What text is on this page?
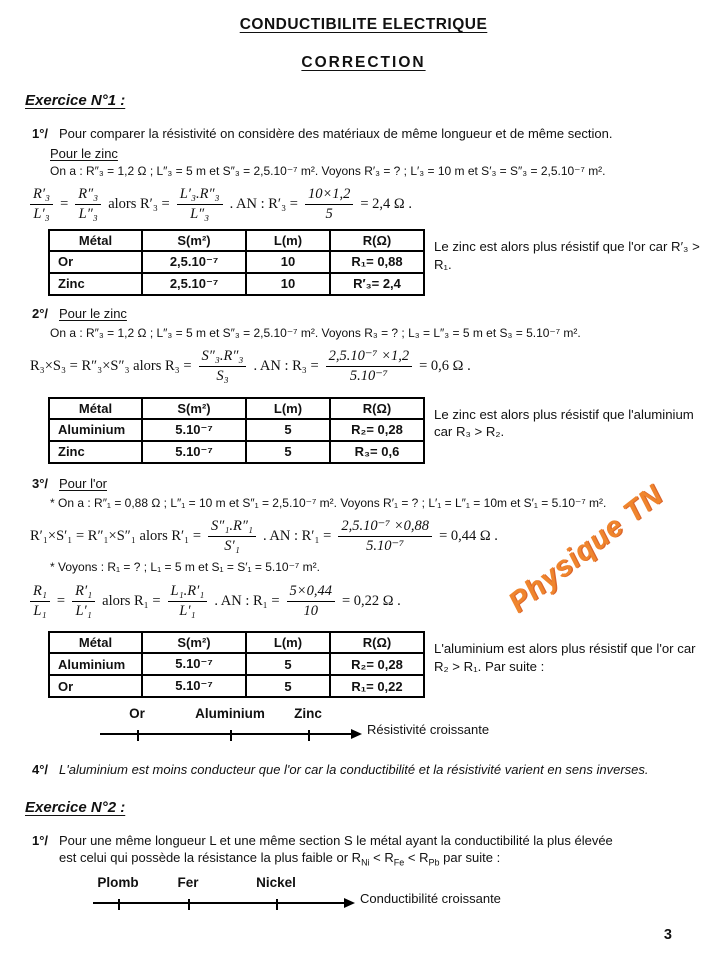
CONDUCTIBILITE ELECTRIQUE
CORRECTION
Exercice N°1 :
1°/ Pour comparer la résistivité on considère des matériaux de même longueur et de même section.
Pour le zinc
On a : R″₃ = 1,2 Ω ; L″₃ = 5 m et S″₃ = 2,5.10⁻⁷ m². Voyons R′₃ = ? ; L′₃ = 10 m et S′₃ = S″₃ = 2,5.10⁻⁷ m².
$\frac{\text{R′₃}}{\text{L′₃}} = \frac{\text{R″₃}}{\text{L″₃}}$ alors $R'_3 = \frac{\text{L′₃.R″₃}}{\text{L″₃}}$ . AN : $R'_3 = \frac{10\times 1,2}{5} = 2,4$ Ω .
Métal	S(m²)	L(m)	R(Ω)
Or	2,5.10⁻⁷	10	R₁= 0,88
Zinc	2,5.10⁻⁷	10	R′₃= 2,4
Le zinc est alors plus résistif que l'or car R′₃ > R₁.
2°/ Pour le zinc
On a : R″₃ = 1,2 Ω ; L″₃ = 5 m et S″₃ = 2,5.10⁻⁷ m². Voyons R₃ = ? ; L₃ = L″₃ = 5 m et S₃ = 5.10⁻⁷ m².
R₃×S₃ = R″₃×S″₃ alors $R_3 = \frac{\text{S″₃.R″₃}}{\text{S₃}}$ . AN : $R_3 = \frac{\text{2,5.10⁻⁷ ×1,2}}{\text{5.10⁻⁷}} = 0,6$ Ω .
Métal	S(m²)	L(m)	R(Ω)
Aluminium	5.10⁻⁷	5	R₂= 0,28
Zinc	5.10⁻⁷	5	R₃= 0,6
Le zinc est alors plus résistif que l'aluminium car R₃ > R₂.
3°/ Pour l'or
* On a : R″₁ = 0,88 Ω ; L″₁ = 10 m et S″₁ = 2,5.10⁻⁷ m². Voyons R′₁ = ? ; L′₁ = L″₁ = 10m et S′₁ = 5.10⁻⁷ m².
R′₁×S′₁ = R″₁×S″₁ alors $R'_1 = \frac{\text{S″₁.R″₁}}{\text{S′₁}}$ . AN : $R'_1 = \frac{\text{2,5.10⁻⁷ ×0,88}}{\text{5.10⁻⁷}} = 0,44$ Ω .
* Voyons : R₁ = ? ; L₁ = 5 m et S₁ = S′₁ = 5.10⁻⁷ m².
$\frac{\text{R₁}}{\text{L₁}} = \frac{\text{R′₁}}{\text{L′₁}}$ alors $R_1 = \frac{\text{L₁.R′₁}}{\text{L′₁}}$ . AN : $R_1 = \frac{5\times 0,44}{10} = 0,22$ Ω .
Métal	S(m²)	L(m)	R(Ω)
Aluminium	5.10⁻⁷	5	R₂= 0,28
Or	5.10⁻⁷	5	R₁= 0,22
L'aluminium est alors plus résistif que l'or car R₂ > R₁. Par suite :
Or	Aluminium Zinc
Résistivité croissante
4°/ L'aluminium est moins conducteur que l'or car la conductibilité et la résistivité varient en sens inverses.
Exercice N°2 :
1°/ Pour une même longueur L et une même section S le métal ayant la conductibilité la plus élevée
est celui qui possède la résistance la plus faible or $R_{Ni} < R_{Fe} < R_{Pb}$ par suite :
Plomb	Fer	Nickel
Conductibilité croissante
Physique TN
3
